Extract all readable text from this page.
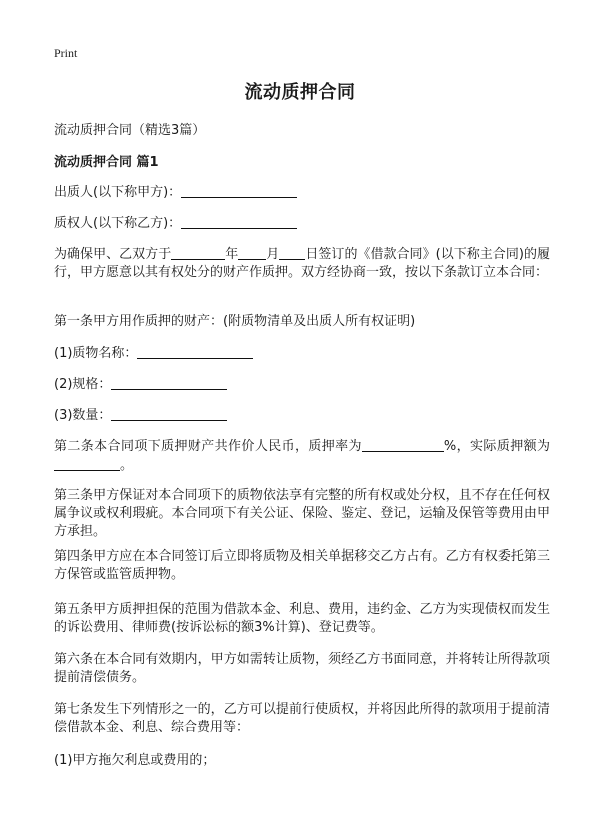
Print
流动质押合同
流动质押合同（精选3篇）
流动质押合同 篇1

出质人(以下称甲方)：

质权人(以下称乙方)：

为确保甲、乙双方于	年 月 日签订的《借款合同》(以下称主合同)的履行，甲方愿意以其有权处分的财产作质押。双方经协商一致，按以下条款订立本合同：

第一条甲方用作质押的财产：(附质物清单及出质人所有权证明)

(1)质物名称：

(2)规格：

(3)数量：

第二条本合同项下质押财产共作价人民币，质押率为	%，实际质押额为。

第三条甲方保证对本合同项下的质物依法享有完整的所有权或处分权，且不存在任何权属争议或权利瑕疵。本合同项下有关公证、保险、鉴定、登记，运输及保管等费用由甲方承担。

第四条甲方应在本合同签订后立即将质物及相关单据移交乙方占有。乙方有权委托第三方保管或监管质押物。

第五条甲方质押担保的范围为借款本金、利息、费用，违约金、乙方为实现债权而发生的诉讼费用、律师费(按诉讼标的额3%计算)、登记费等。

第六条在本合同有效期内，甲方如需转让质物，须经乙方书面同意，并将转让所得款项提前清偿债务。

第七条发生下列情形之一的，乙方可以提前行使质权，并将因此所得的款项用于提前清偿借款本金、利息、综合费用等：

(1)甲方拖欠利息或费用的；
